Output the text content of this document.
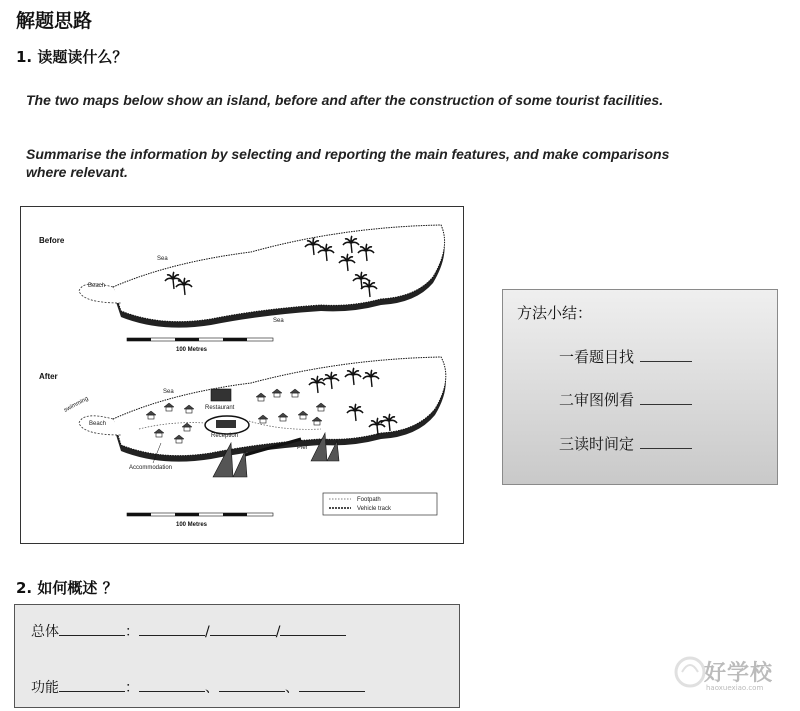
解题思路
1. 读题读什么？
The two maps below show an island, before and after the construction of some tourist facilities.
Summarise the information by selecting and reporting the main features, and make comparisons where relevant.
Before
Beach
Sea
Sea
100 Metres
After
Beach
swimming
Sea
Restaurant
Reception
Pier
Accommodation
Footpath
Vehicle track
100 Metres
方法小结：
一看题目找
二审图例看
三读时间定
2. 如何概述 ？
总体	：	/	/
功能	：	、	、
好学校
haoxuexiao.com
